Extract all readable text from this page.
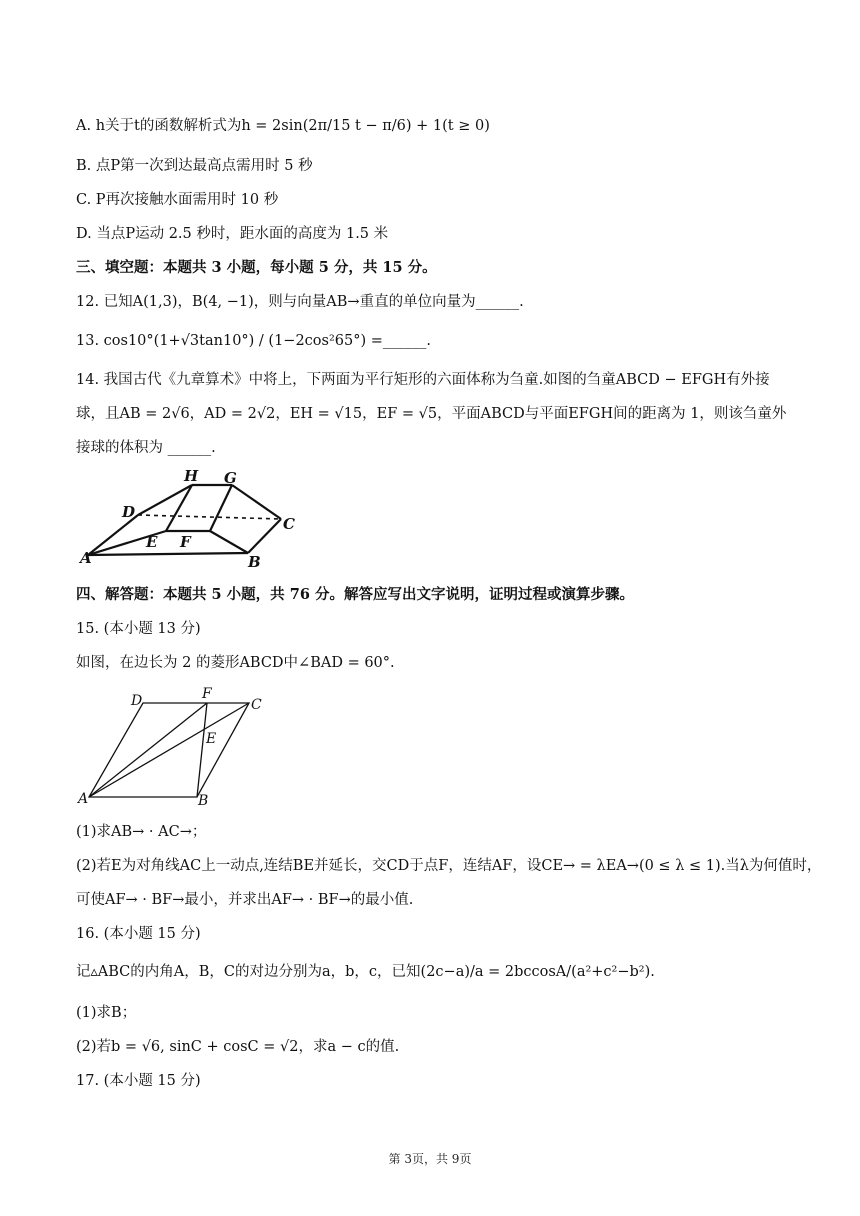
A. h关于t的函数解析式为h = 2sin(2π/15 t − π/6) + 1(t ≥ 0)
B. 点P第一次到达最高点需用时 5 秒
C. P再次接触水面需用时 10 秒
D. 当点P运动 2.5 秒时，距水面的高度为 1.5 米
三、填空题：本题共 3 小题，每小题 5 分，共 15 分。
12. 已知A(1,3)，B(4, −1)，则与向量AB→重直的单位向量为______.
13. cos10°(1+√3tan10°) / (1−2cos²65°) =______.
14. 我国古代《九章算术》中将上，下两面为平行矩形的六面体称为刍童.如图的刍童ABCD − EFGH有外接
球，且AB = 2√6，AD = 2√2，EH = √15，EF = √5，平面ABCD与平面EFGH间的距离为 1，则该刍童外
接球的体积为 ______.
H G
D
C
E F
A	B
四、解答题：本题共 5 小题，共 76 分。解答应写出文字说明，证明过程或演算步骤。
15. (本小题 13 分)
如图，在边长为 2 的菱形ABCD中∠BAD = 60°.
D	F
C
E
A	B
(1)求AB→ · AC→；
(2)若E为对角线AC上一动点,连结BE并延长，交CD于点F，连结AF，设CE→ = λEA→(0 ≤ λ ≤ 1).当λ为何值时，
可使AF→ · BF→最小，并求出AF→ · BF→的最小值.
16. (本小题 15 分)
记▵ABC的内角A，B，C的对边分别为a，b，c，已知(2c−a)/a = 2bccosA/(a²+c²−b²).
(1)求B；
(2)若b = √6, sinC + cosC = √2，求a − c的值.
17. (本小题 15 分)
第 3页，共 9页
